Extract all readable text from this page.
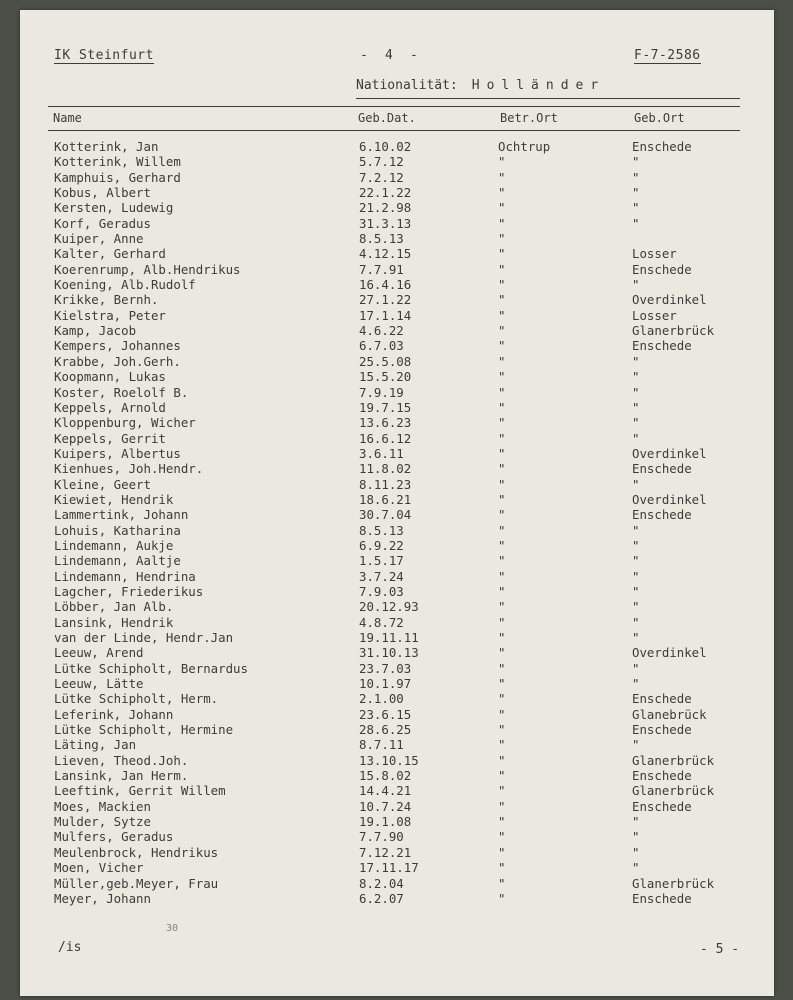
IK Steinfurt	-  4  -	F-7-2586
Nationalität: Holländer
Name	Geb.Dat.	Betr.Ort	Geb.Ort
Kotterink, Jan	6.10.02	Ochtrup	Enschede
Kotterink, Willem	5.7.12	"	"
Kamphuis, Gerhard	7.2.12	"	"
Kobus, Albert	22.1.22	"	"
Kersten, Ludewig	21.2.98	"	"
Korf, Geradus	31.3.13	"	"
Kuiper, Anne	8.5.13	"
Kalter, Gerhard	4.12.15	"	Losser
Koerenrump, Alb.Hendrikus	7.7.91	"	Enschede
Koening, Alb.Rudolf	16.4.16	"	"
Krikke, Bernh.	27.1.22	"	Overdinkel
Kielstra, Peter	17.1.14	"	Losser
Kamp, Jacob	4.6.22	"	Glanerbrück
Kempers, Johannes	6.7.03	"	Enschede
Krabbe, Joh.Gerh.	25.5.08	"	"
Koopmann, Lukas	15.5.20	"	"
Koster, Roelolf B.	7.9.19	"	"
Keppels, Arnold	19.7.15	"	"
Kloppenburg, Wicher	13.6.23	"	"
Keppels, Gerrit	16.6.12	"	"
Kuipers, Albertus	3.6.11	"	Overdinkel
Kienhues, Joh.Hendr.	11.8.02	"	Enschede
Kleine, Geert	8.11.23	"	"
Kiewiet, Hendrik	18.6.21	"	Overdinkel
Lammertink, Johann	30.7.04	"	Enschede
Lohuis, Katharina	8.5.13	"	"
Lindemann, Aukje	6.9.22	"	"
Lindemann, Aaltje	1.5.17	"	"
Lindemann, Hendrina	3.7.24	"	"
Lagcher, Friederikus	7.9.03	"	"
Löbber, Jan Alb.	20.12.93	"	"
Lansink, Hendrik	4.8.72	"	"
van der Linde, Hendr.Jan	19.11.11	"	"
Leeuw, Arend	31.10.13	"	Overdinkel
Lütke Schipholt, Bernardus	23.7.03	"	"
Leeuw, Lätte	10.1.97	"	"
Lütke Schipholt, Herm.	2.1.00	"	Enschede
Leferink, Johann	23.6.15	"	Glanebrück
Lütke Schipholt, Hermine	28.6.25	"	Enschede
Läting, Jan	8.7.11	"	"
Lieven, Theod.Joh.	13.10.15	"	Glanerbrück
Lansink, Jan Herm.	15.8.02	"	Enschede
Leeftink, Gerrit Willem	14.4.21	"	Glanerbrück
Moes, Mackien	10.7.24	"	Enschede
Mulder, Sytze	19.1.08	"	"
Mulfers, Geradus	7.7.90	"	"
Meulenbrock, Hendrikus	7.12.21	"	"
Moen, Vicher	17.11.17	"	"
Müller,geb.Meyer, Frau	8.2.04	"	Glanerbrück
Meyer, Johann	6.2.07	"	Enschede
30
/is	- 5 -
